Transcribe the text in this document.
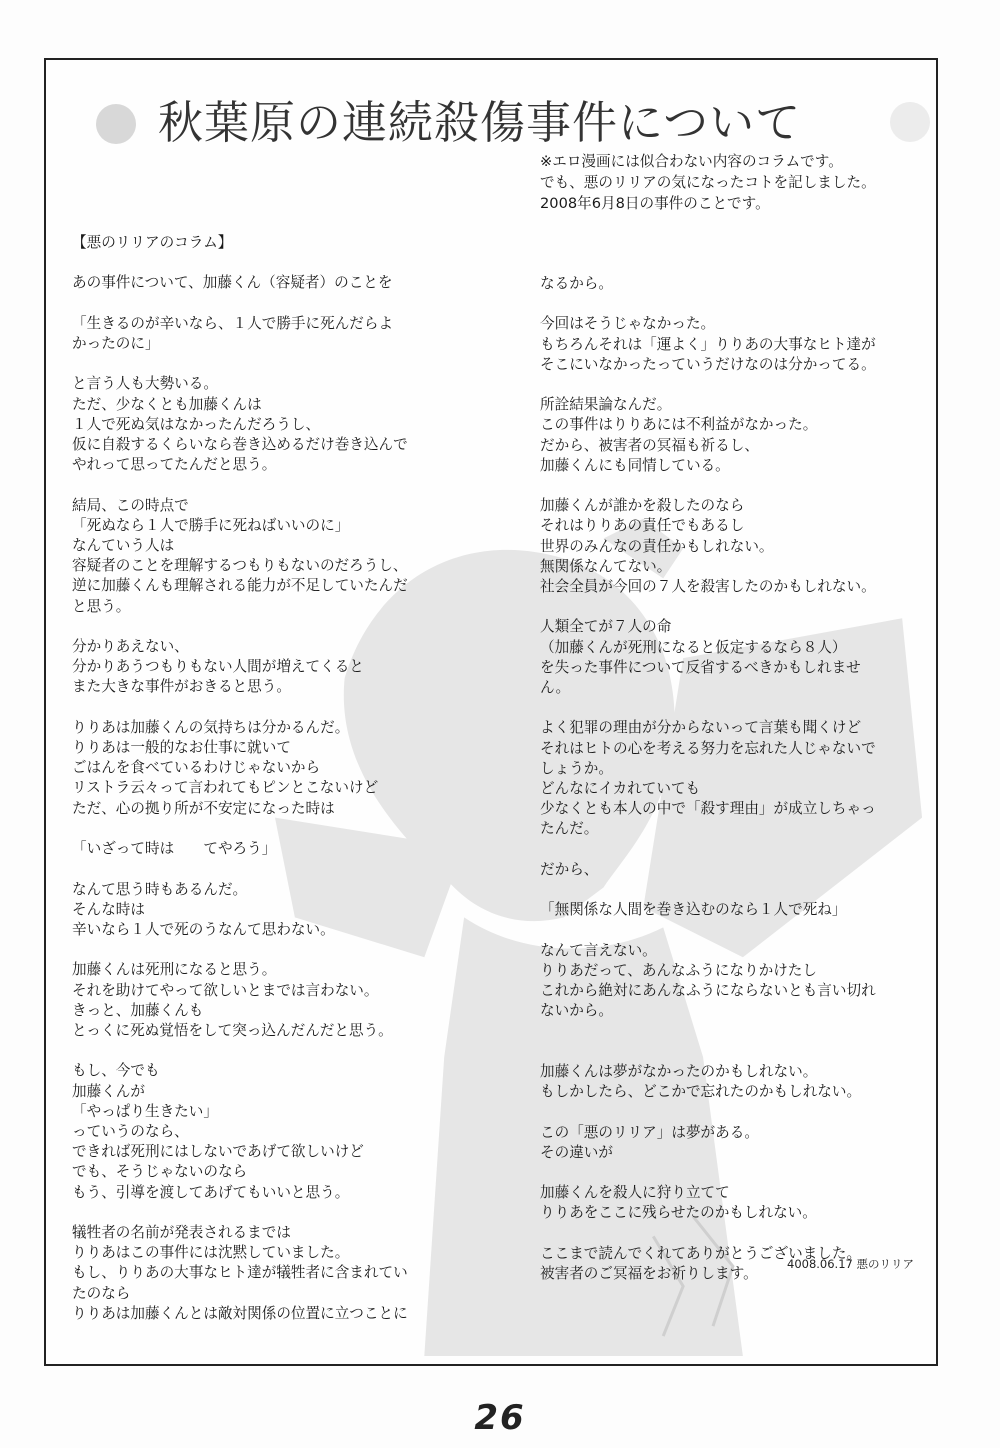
秋葉原の連続殺傷事件について
※エロ漫画には似合わない内容のコラムです。
でも、悪のリリアの気になったコトを記しました。
2008年6月8日の事件のことです。
【悪のリリアのコラム】

あの事件について、加藤くん（容疑者）のことを

「生きるのが辛いなら、１人で勝手に死んだらよ
かったのに」

と言う人も大勢いる。
ただ、少なくとも加藤くんは
１人で死ぬ気はなかったんだろうし、
仮に自殺するくらいなら巻き込めるだけ巻き込んで
やれって思ってたんだと思う。

結局、この時点で
「死ぬなら１人で勝手に死ねばいいのに」
なんていう人は
容疑者のことを理解するつもりもないのだろうし、
逆に加藤くんも理解される能力が不足していたんだ
と思う。

分かりあえない、
分かりあうつもりもない人間が増えてくると
また大きな事件がおきると思う。

りりあは加藤くんの気持ちは分かるんだ。
りりあは一般的なお仕事に就いて
ごはんを食べているわけじゃないから
リストラ云々って言われてもピンとこないけど
ただ、心の拠り所が不安定になった時は

「いざって時は　　てやろう」

なんて思う時もあるんだ。
そんな時は
辛いなら１人で死のうなんて思わない。

加藤くんは死刑になると思う。
それを助けてやって欲しいとまでは言わない。
きっと、加藤くんも
とっくに死ぬ覚悟をして突っ込んだんだと思う。

もし、今でも
加藤くんが
「やっぱり生きたい」
っていうのなら、
できれば死刑にはしないであげて欲しいけど
でも、そうじゃないのなら
もう、引導を渡してあげてもいいと思う。

犠牲者の名前が発表されるまでは
りりあはこの事件には沈黙していました。
もし、りりあの大事なヒト達が犠牲者に含まれてい
たのなら
りりあは加藤くんとは敵対関係の位置に立つことに
なるから。

今回はそうじゃなかった。
もちろんそれは「運よく」りりあの大事なヒト達が
そこにいなかったっていうだけなのは分かってる。

所詮結果論なんだ。
この事件はりりあには不利益がなかった。
だから、被害者の冥福も祈るし、
加藤くんにも同情している。

加藤くんが誰かを殺したのなら
それはりりあの責任でもあるし
世界のみんなの責任かもしれない。
無関係なんてない。
社会全員が今回の７人を殺害したのかもしれない。

人類全てが７人の命
（加藤くんが死刑になると仮定するなら８人）
を失った事件について反省するべきかもしれませ
ん。

よく犯罪の理由が分からないって言葉も聞くけど
それはヒトの心を考える努力を忘れた人じゃないで
しょうか。
どんなにイカれていても
少なくとも本人の中で「殺す理由」が成立しちゃっ
たんだ。

だから、

「無関係な人間を巻き込むのなら１人で死ね」

なんて言えない。
りりあだって、あんなふうになりかけたし
これから絶対にあんなふうにならないとも言い切れ
ないから。

加藤くんは夢がなかったのかもしれない。
もしかしたら、どこかで忘れたのかもしれない。

この「悪のリリア」は夢がある。
その違いが

加藤くんを殺人に狩り立てて
りりあをここに残らせたのかもしれない。

ここまで読んでくれてありがとうございました。
被害者のご冥福をお祈りします。
4008.06.17 悪のリリア
26
